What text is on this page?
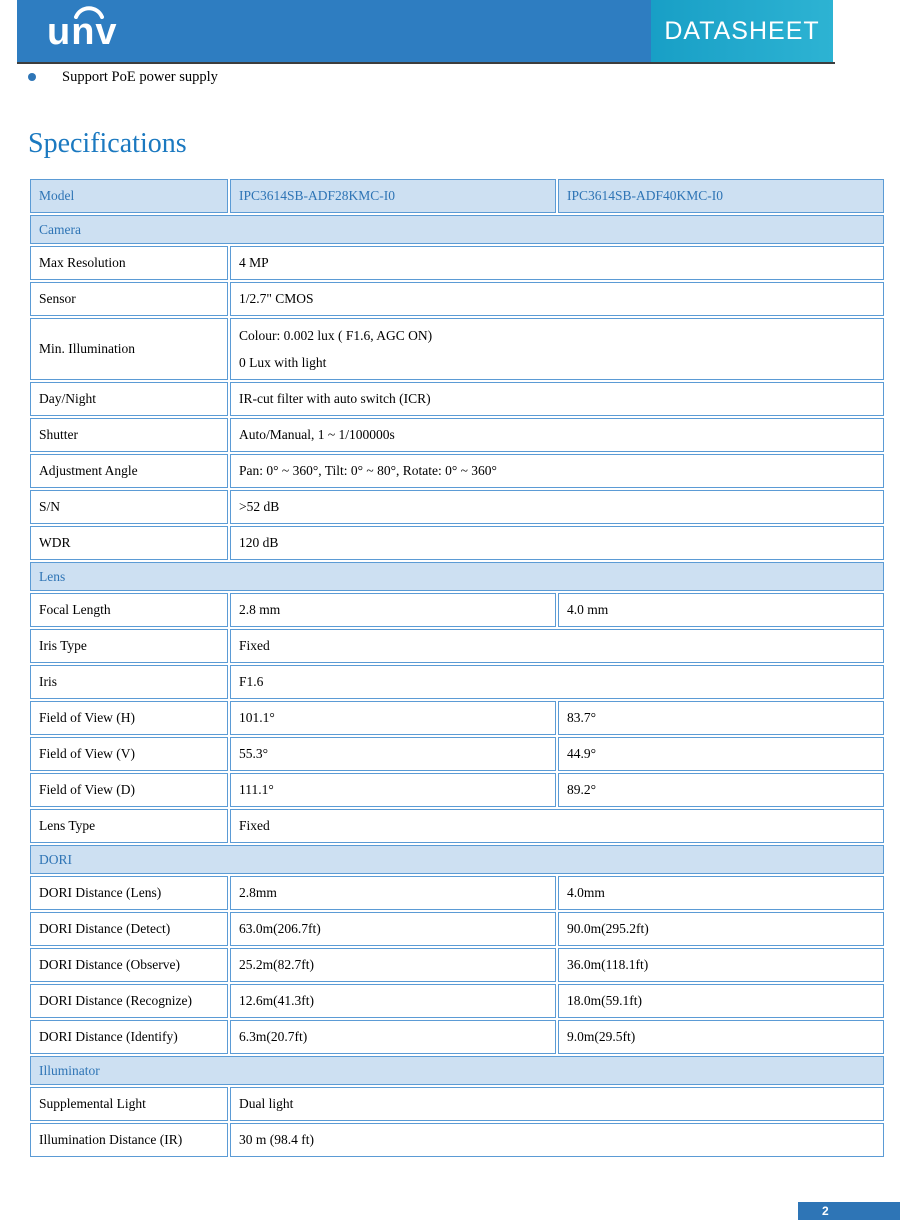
unv	DATASHEET
Support PoE power supply
Specifications
Model	IPC3614SB-ADF28KMC-I0	IPC3614SB-ADF40KMC-I0
Camera		
Max Resolution	4 MP	
Sensor	1/2.7" CMOS	
Min. Illumination	Colour: 0.002 lux ( F1.6, AGC ON)
0 Lux with light	

Day/Night	IR-cut filter with auto switch (ICR)	
Shutter	Auto/Manual, 1 ~ 1/100000s	
Adjustment Angle	Pan: 0° ~ 360°, Tilt: 0° ~ 80°, Rotate: 0° ~ 360°	
S/N	>52 dB	
WDR	120 dB	
Lens		
Focal Length	2.8 mm	4.0 mm
Iris Type	Fixed	
Iris	F1.6	
Field of View (H)	101.1°	83.7°
Field of View (V)	55.3°	44.9°
Field of View (D)	111.1°	89.2°
Lens Type	Fixed	
DORI		
DORI Distance (Lens)	2.8mm	4.0mm
DORI Distance (Detect)	63.0m(206.7ft)	90.0m(295.2ft)
DORI Distance (Observe)	25.2m(82.7ft)	36.0m(118.1ft)
DORI Distance (Recognize)	12.6m(41.3ft)	18.0m(59.1ft)
DORI Distance (Identify)	6.3m(20.7ft)	9.0m(29.5ft)
Illuminator		
Supplemental Light	Dual light	
Illumination Distance (IR)	30 m (98.4 ft)	
2
